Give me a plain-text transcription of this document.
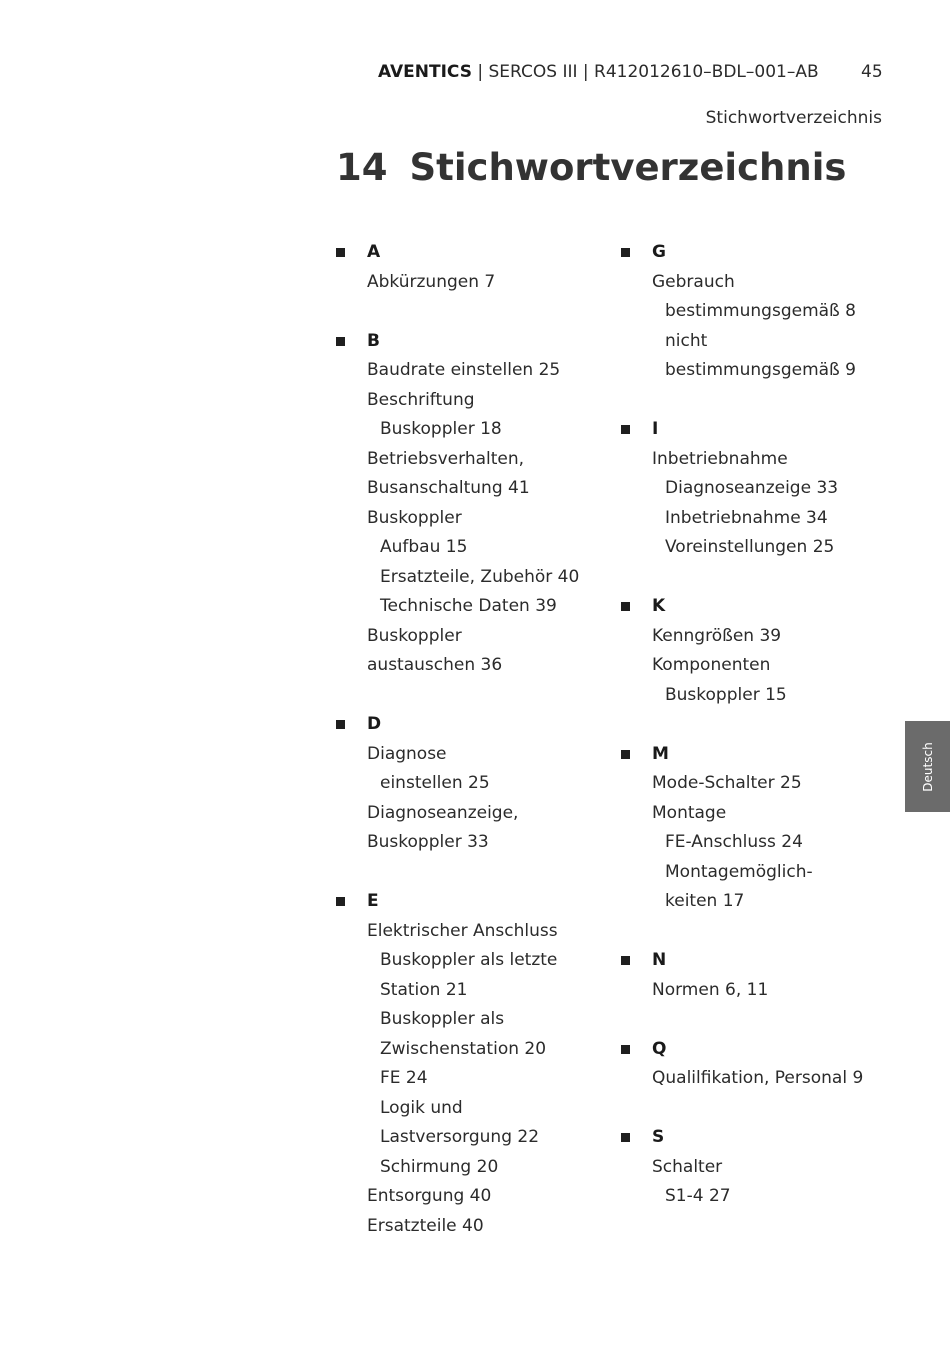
AVENTICS | SERCOS III | R412012610–BDL–001–AB 45
Stichwortverzeichnis
14 Stichwortverzeichnis
A
Abkürzungen 7
B
Baudrate einstellen 25
Beschriftung
Buskoppler 18
Betriebsverhalten,
Busanschaltung 41
Buskoppler
Aufbau 15
Ersatzteile, Zubehör 40
Technische Daten 39
Buskoppler
austauschen 36
D
Diagnose
einstellen 25
Diagnoseanzeige,
Buskoppler 33
E
Elektrischer Anschluss
Buskoppler als letzte
Station 21
Buskoppler als
Zwischenstation 20
FE 24
Logik und
Lastversorgung 22
Schirmung 20
Entsorgung 40
Ersatzteile 40
G
Gebrauch
bestimmungsgemäß 8
nicht
bestimmungsgemäß 9
I
Inbetriebnahme
Diagnoseanzeige 33
Inbetriebnahme 34
Voreinstellungen 25
K
Kenngrößen 39
Komponenten
Buskoppler 15
M
Mode-Schalter 25
Montage
FE-Anschluss 24
Montagemöglich-
keiten 17
N
Normen 6, 11
Q
Qualilfikation, Personal 9
S
Schalter
S1-4 27
Deutsch
